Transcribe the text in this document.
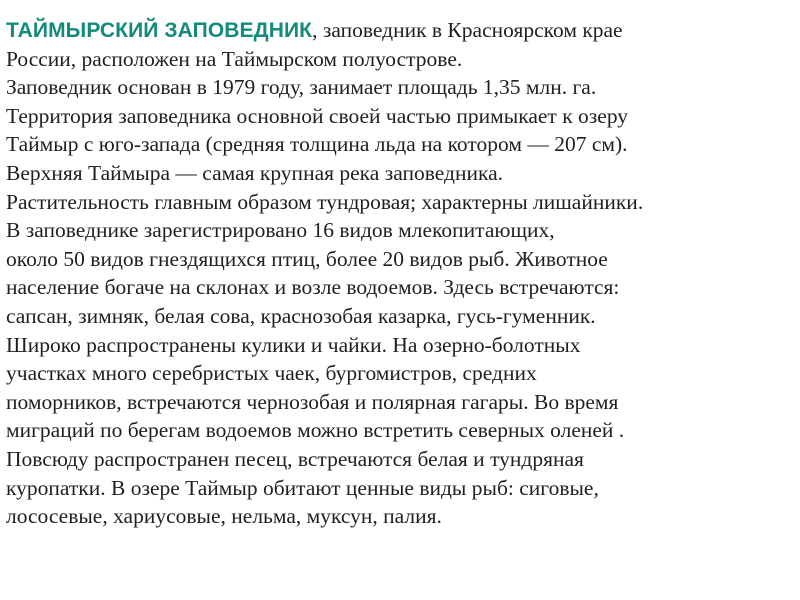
ТАЙМЫРСКИЙ ЗАПОВЕДНИК, заповедник в Красноярском крае
России, расположен на Таймырском полуострове.
Заповедник основан в 1979 году, занимает площадь 1,35 млн. га.
Территория заповедника основной своей частью примыкает к озеру
Таймыр с юго-запада (средняя толщина льда на котором — 207 см).
Верхняя Таймыра — самая крупная река заповедника.
Растительность главным образом тундровая; характерны лишайники.
В заповеднике зарегистрировано 16 видов млекопитающих,
около 50 видов гнездящихся птиц, более 20 видов рыб. Животное
население богаче на склонах и возле водоемов. Здесь встречаются:
сапсан, зимняк, белая сова, краснозобая казарка, гусь-гуменник.
Широко распространены кулики и чайки. На озерно-болотных
участках много серебристых чаек, бургомистров, средних
поморников, встречаются чернозобая и полярная гагары. Во время
миграций по берегам водоемов можно встретить северных оленей .
Повсюду распространен песец, встречаются белая и тундряная
куропатки. В озере Таймыр обитают ценные виды рыб: сиговые,
лососевые, хариусовые, нельма, муксун, палия.
